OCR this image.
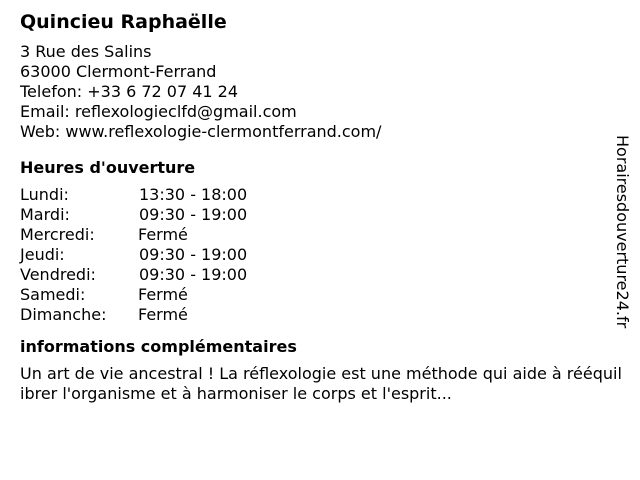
Quincieu Raphaëlle
3 Rue des Salins
63000 Clermont-Ferrand
Telefon: +33 6 72 07 41 24
Email: reflexologieclfd@gmail.com
Web: www.reflexologie-clermontferrand.com/
Heures d'ouverture
Lundi:	13:30 - 18:00
Mardi:	09:30 - 19:00
Mercredi:	Fermé
Jeudi:	09:30 - 19:00
Vendredi:	09:30 - 19:00
Samedi:	Fermé
Dimanche: Fermé
informations complémentaires
Un art de vie ancestral ! La réflexologie est une méthode qui aide à rééquilibrer l'organisme et à harmoniser le corps et l'esprit...
Horairesdouverture24.fr
